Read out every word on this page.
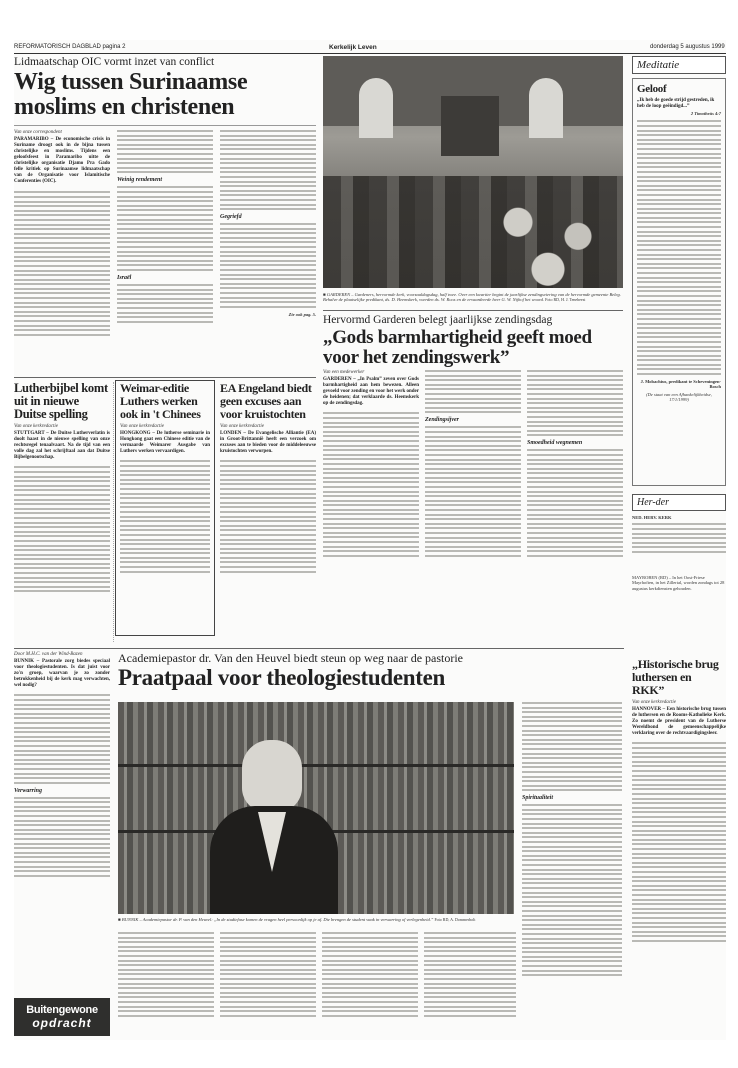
REFORMATORISCH DAGBLAD pagina 2	Kerkelijk Leven	donderdag 5 augustus 1999
Lidmaatschap OIC vormt inzet van conflict
Wig tussen Surinaamse moslims en christenen
Van onze correspondent
PARAMARIBO – De economische crisis in Suriname droogt ook in de bijna tussen christelijke en moslims. Tijdens een geloofsfeest in Paramaribo uitte de christelijke organisatie Djamo Pra Gado felle kritiek op Surinaamse lidmaatschap van de Organisatie voor Islamitische Conferenties (OIC).	Weinig rendement
Israël
Gegriefd
Zie ook pag. 5.
Lutherbijbel komt uit in nieuwe Duitse spelling
Van onze kerkredactie
STUTTGART – De Duitse Lutherverlatin is doolt haast in de nieuwe spelling van onze rechtsregel tenaalvaart. Na de tijd van een volle dag zal het schrijftaal aan dat Duitse Bijbelgenootschap.
Weimar-editie Luthers werken ook in 't Chinees
Van onze kerkredactie
HONGKONG – De lutherse seminarie in Hongkong gaat een Chinese editie van de vermaarde Weimarer Ausgabe van Luthers werken vervaardigen.
EA Engeland biedt geen excuses aan voor kruistochten
Van onze kerkredactie
LONDEN – De Evangelische Alliantie (EA) in Groot-Brittannië heeft een verzoek om excuses aan te bieden voor de middeleeuwse kruistochten verworpen.
■ GARDEREN – Gardeners, hervormde kerk, voorzaaldagsdag, half twee. Over een kwartier begint de jaarlijkse zendingsviering van de hervormde gemeente Beleg. Behalve de plaatselijke predikant, ds. D. Heemskerk, voerden ds. W. Roos en de ervaardeerde heer G. W. Nijhof het woord. Foto RD, H. J. Tenebeest
Hervormd Garderen belegt jaarlijkse zendingsdag
„Gods barmhartigheid geeft moed voor het zendingswerk”
Van een medewerker
GARDEREN – „In Psalm” zeven over Gods barmhartigheid aan hem bewezen. Alleen gevoeld voor zending en voor het werk onder de heidenen; dat verklaarde ds. Heemskerk op de zendingsdag.
Zendingsijver
Smoedheid wegnemen
Meditatie
Geloof
„Ik heb de goede strijd gestreden, ik heb de loop geëindigd...”
2 Timotheüs 4:7
J. Mobachius, predikant te Scheveningen-Bosch
(De staat van een Afhankelijkheidse, 17/1/1999)
Her-der
NED. HERV. KERK
MAYROBEN (RD) – In het Oost-Friese Mayrhoften, in het Zillertal, worden zondags tot 28 augustus kerkdiensten gehouden.
Academiepastor dr. Van den Heuvel biedt steun op weg naar de pastorie
Praatpaal voor theologiestudenten
Door M.H.C. van der Wind-Bazen
BUNNIK – Pastorale zorg biedes speciaal voor theologiestudenten. Is dat juist voor zo'n groep, waarvan je zo zonder betrokkenheid bij de kerk mag verwachten, wel nodig?
Verwarring
■ BUNNIK – Academiepastor dr. P. van den Heuvel: „In de studiefase komen de vragen heel persoonlijk op je af. Die brengen de student vaak in verwarring of verlegenheid.” Foto RD, A. Dommerholt
Spiritualiteit
Buitengewone
opdracht
„Historische brug luthersen en RKK”
Van onze kerkredactie
HANNOVER – Een historische brug tussen de luthersen en de Rooms-Katholieke Kerk. Zo noemt de president van de Lutherse Wereldbond de gemeenschappelijke verklaring over de rechtvaardigingsleer.
